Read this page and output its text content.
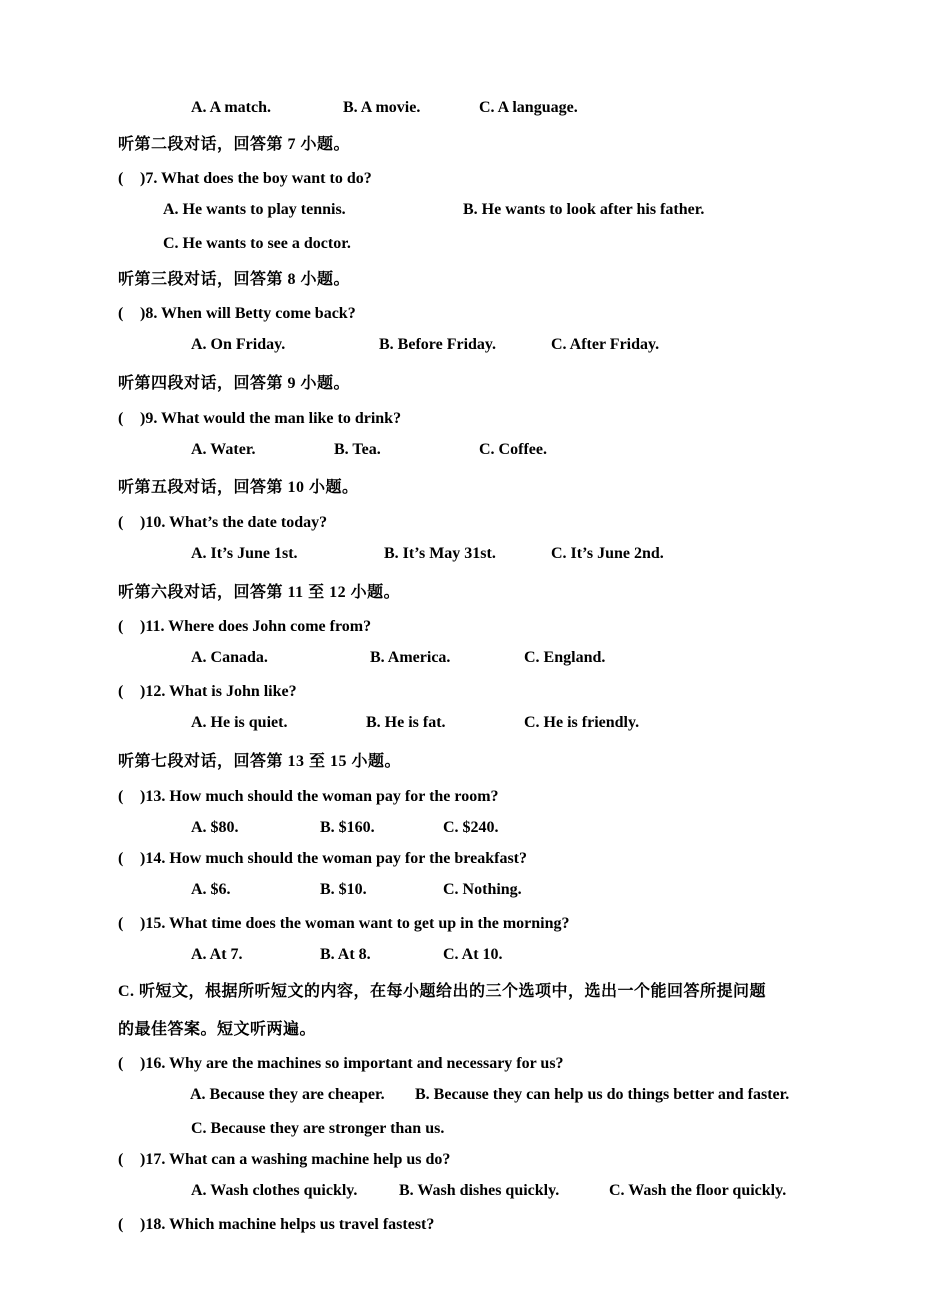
A. A match.	B. A movie.	C. A language.
听第二段对话，回答第 7 小题。
( )7. What does the boy want to do?
A. He wants to play tennis.	B. He wants to look after his father.
C. He wants to see a doctor.
听第三段对话，回答第 8 小题。
( )8. When will Betty come back?
A. On Friday.	B. Before Friday.	C. After Friday.
听第四段对话，回答第 9 小题。
( )9. What would the man like to drink?
A. Water.	B. Tea.	C. Coffee.
听第五段对话，回答第 10 小题。
( )10. What’s the date today?
A. It’s June 1st.	B. It’s May 31st.	C. It’s June 2nd.
听第六段对话，回答第 11 至 12 小题。
( )11. Where does John come from?
A. Canada.	B. America.	C. England.
( )12. What is John like?
A. He is quiet.	B. He is fat.	C. He is friendly.
听第七段对话，回答第 13 至 15 小题。
( )13. How much should the woman pay for the room?
A. $80.	B. $160.	C. $240.
( )14. How much should the woman pay for the breakfast?
A. $6.	B. $10.	C. Nothing.
( )15. What time does the woman want to get up in the morning?
A. At 7.	B. At 8.	C. At 10.
C. 听短文，根据所听短文的内容，在每小题给出的三个选项中，选出一个能回答所提问题
的最佳答案。短文听两遍。
( )16. Why are the machines so important and necessary for us?
A. Because they are cheaper. B. Because they can help us do things better and faster.
C. Because they are stronger than us.
( )17. What can a washing machine help us do?
A. Wash clothes quickly.	B. Wash dishes quickly.	C. Wash the floor quickly.
( )18. Which machine helps us travel fastest?
